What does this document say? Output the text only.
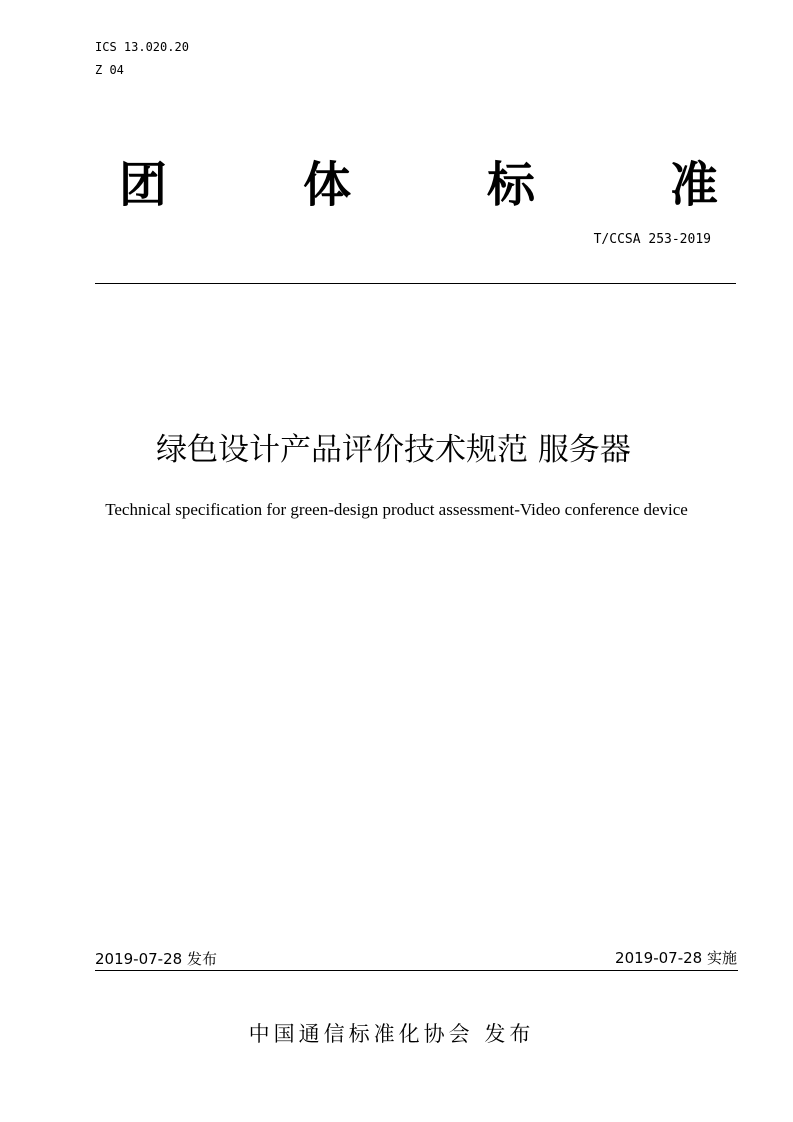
ICS 13.020.20
Z 04
团	体	标	准
T/CCSA 253-2019
绿色设计产品评价技术规范 服务器
Technical specification for green-design product assessment-Video conference device
2019-07-28 发布	2019-07-28 实施
中国通信标准化协会 发布
